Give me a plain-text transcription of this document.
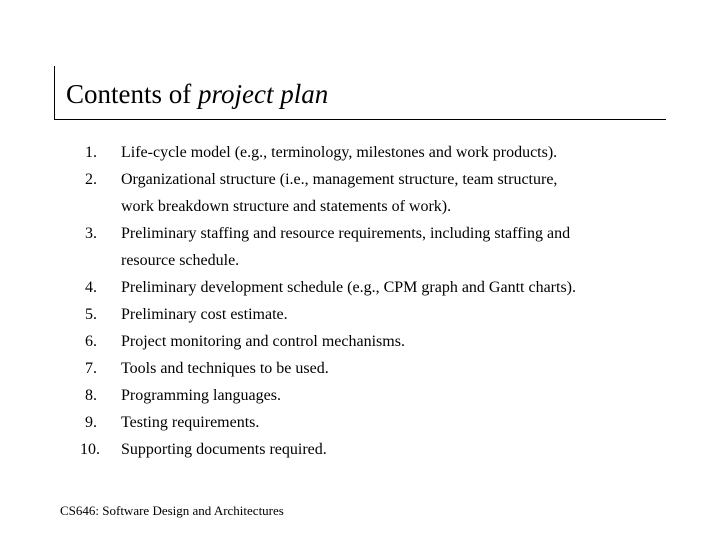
Contents of project plan
1.	Life-cycle model (e.g., terminology, milestones and work products).
2.	Organizational structure (i.e., management structure, team structure,
work breakdown structure and statements of work).
3.	Preliminary staffing and resource requirements, including staffing and
resource schedule.
4.	Preliminary development schedule (e.g., CPM graph and Gantt charts).
5.	Preliminary cost estimate.
6.	Project monitoring and control mechanisms.
7.	Tools and techniques to be used.
8.	Programming languages.
9.	Testing requirements.
10.	Supporting documents required.
CS646: Software Design and Architectures
